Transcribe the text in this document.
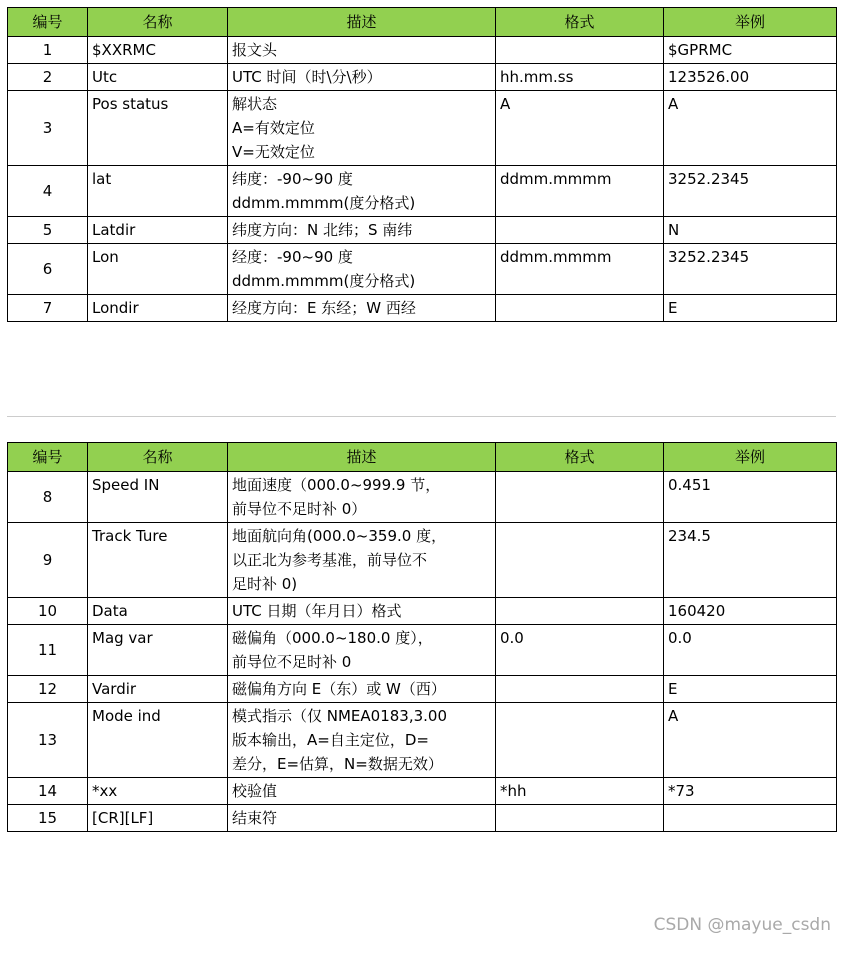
编号	名称	描述	格式	举例
1	$XXRMC	报文头		$GPRMC
2	Utc	UTC 时间（时\分\秒）	hh.mm.ss	123526.00
3	Pos status	解状态
A=有效定位
V=无效定位	A	A
4	lat	纬度：-90~90 度
ddmm.mmmm(度分格式)	ddmm.mmmm	3252.2345
5	Latdir	纬度方向：N 北纬；S 南纬		N
6	Lon	经度：-90~90 度
ddmm.mmmm(度分格式)	ddmm.mmmm	3252.2345
7	Londir	经度方向：E 东经；W 西经		E
编号	名称	描述	格式	举例
8	Speed IN	地面速度（000.0~999.9 节，
前导位不足时补 0）		0.451
9	Track Ture	地面航向角(000.0~359.0 度，
以正北为参考基准，前导位不
足时补 0)		234.5
10	Data	UTC 日期（年月日）格式		160420
11	Mag var	磁偏角（000.0~180.0 度），
前导位不足时补 0	0.0	0.0
12	Vardir	磁偏角方向 E（东）或 W（西）		E
13	Mode ind	模式指示（仅 NMEA0183,3.00
版本输出，A=自主定位，D=
差分，E=估算，N=数据无效）		A
14	*xx	校验值	*hh	*73
15	[CR][LF]	结束符		

CSDN @mayue_csdn
